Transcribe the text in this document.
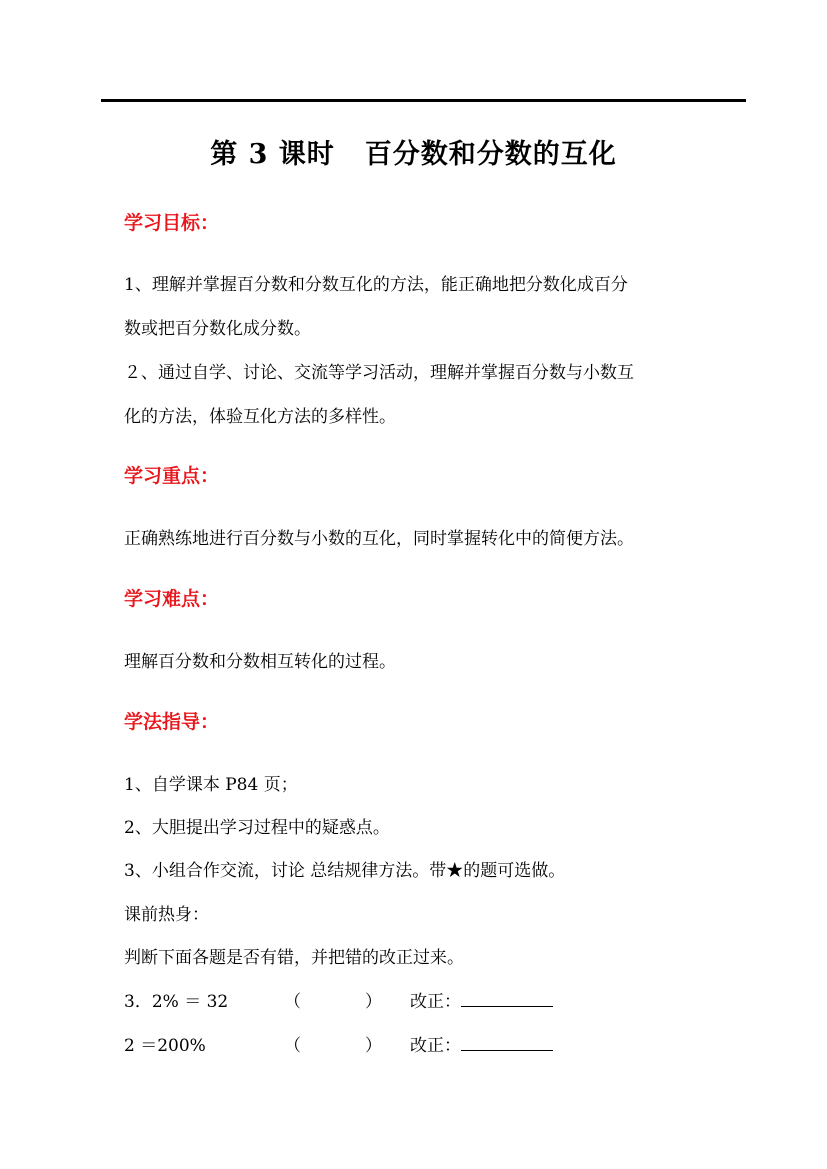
第 3 课时 百分数和分数的互化
学习目标：
1、理解并掌握百分数和分数互化的方法，能正确地把分数化成百分
数或把百分数化成分数。
２、通过自学、讨论、交流等学习活动，理解并掌握百分数与小数互
化的方法，体验互化方法的多样性。
学习重点：
正确熟练地进行百分数与小数的互化，同时掌握转化中的简便方法。
学习难点：
理解百分数和分数相互转化的过程。
学法指导：
1、自学课本 P84 页；
2、大胆提出学习过程中的疑惑点。
3、小组合作交流，讨论 总结规律方法。带★的题可选做。
课前热身：
判断下面各题是否有错，并把错的改正过来。
3．2% ＝ 32	（	） 改正：
2 ＝200%	（	） 改正：
